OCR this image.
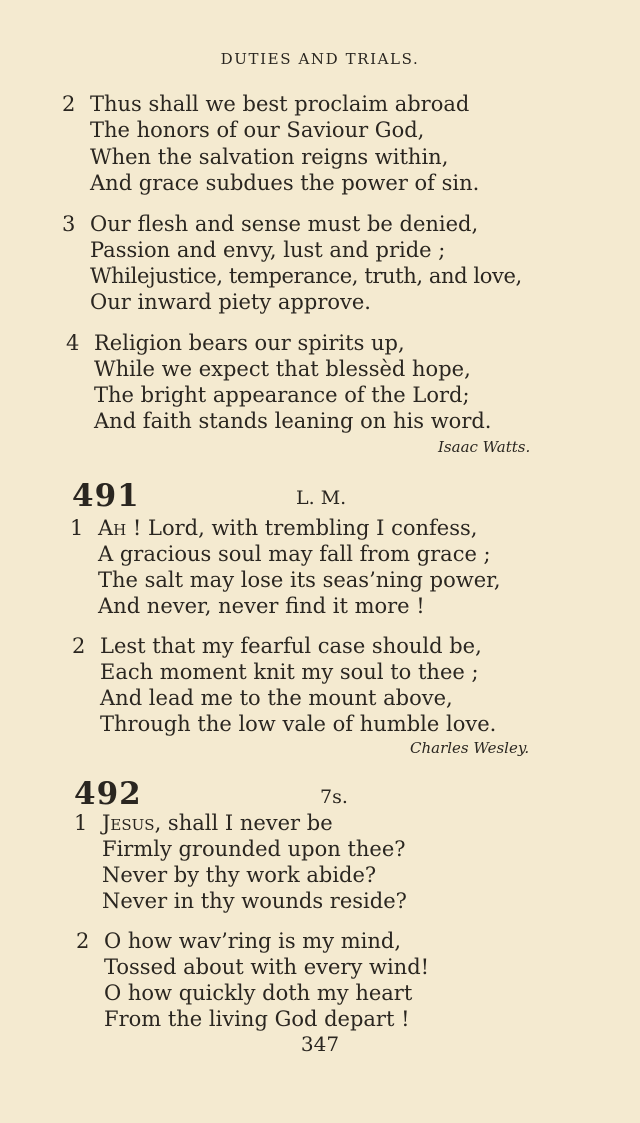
DUTIES AND TRIALS.
2 Thus shall we best proclaim abroad
The honors of our Saviour God,
When the salvation reigns within,
And grace subdues the power of sin.
3 Our flesh and sense must be denied,
Passion and envy, lust and pride ;
Whilejustice, temperance, truth, and love,
Our inward piety approve.
4 Religion bears our spirits up,
While we expect that blessèd hope,
The bright appearance of the Lord;
And faith stands leaning on his word.
Isaac Watts.
491	L. M.
1 Ah ! Lord, with trembling I confess,
A gracious soul may fall from grace ;
The salt may lose its seas’ning power,
And never, never find it more !
2 Lest that my fearful case should be,
Each moment knit my soul to thee ;
And lead me to the mount above,
Through the low vale of humble love.
Charles Wesley.
492	7s.
1 Jesus, shall I never be
Firmly grounded upon thee?
Never by thy work abide?
Never in thy wounds reside?
2 O how wav’ring is my mind,
Tossed about with every wind!
O how quickly doth my heart
From the living God depart !
347
